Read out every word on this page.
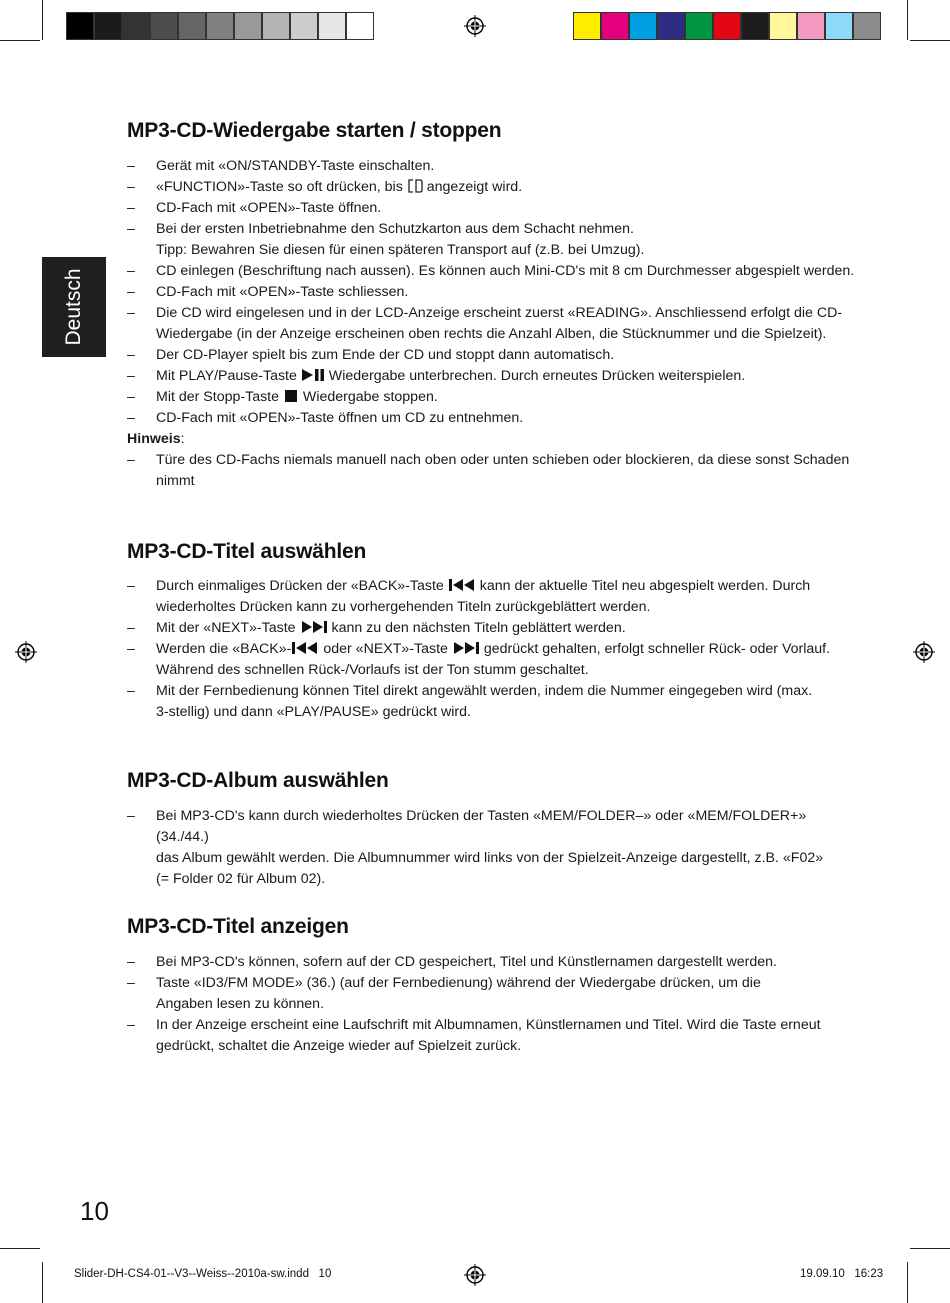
Deutsch
MP3-CD-Wiedergabe starten / stoppen
– Gerät mit «ON/STANDBY-Taste einschalten.
– «FUNCTION»-Taste so oft drücken, bis angezeigt wird.
– CD-Fach mit «OPEN»-Taste öffnen.
– Bei der ersten Inbetriebnahme den Schutzkarton aus dem Schacht nehmen.
Tipp: Bewahren Sie diesen für einen späteren Transport auf (z.B. bei Umzug).
– CD einlegen (Beschriftung nach aussen). Es können auch Mini-CD's mit 8 cm Durchmesser abgespielt werden.
– CD-Fach mit «OPEN»-Taste schliessen.
– Die CD wird eingelesen und in der LCD-Anzeige erscheint zuerst «READING». Anschliessend erfolgt die CD-
Wiedergabe (in der Anzeige erscheinen oben rechts die Anzahl Alben, die Stücknummer und die Spielzeit).
– Der CD-Player spielt bis zum Ende der CD und stoppt dann automatisch.
– Mit PLAY/Pause-Taste Wiedergabe unterbrechen. Durch erneutes Drücken weiterspielen.
– Mit der Stopp-Taste Wiedergabe stoppen.
– CD-Fach mit «OPEN»-Taste öffnen um CD zu entnehmen.
Hinweis:
– Türe des CD-Fachs niemals manuell nach oben oder unten schieben oder blockieren, da diese sonst Schaden
nimmt
MP3-CD-Titel auswählen
– Durch einmaliges Drücken der «BACK»-Taste	kann der aktuelle Titel neu abgespielt werden. Durch
wiederholtes Drücken kann zu vorhergehenden Titeln zurückgeblättert werden.
– Mit der «NEXT»-Taste	kann zu den nächsten Titeln geblättert werden.
– Werden die «BACK»- oder «NEXT»-Taste	gedrückt gehalten, erfolgt schneller Rück- oder Vorlauf.
Während des schnellen Rück-/Vorlaufs ist der Ton stumm geschaltet.
– Mit der Fernbedienung können Titel direkt angewählt werden, indem die Nummer eingegeben wird (max.
3-stellig) und dann «PLAY/PAUSE» gedrückt wird.
MP3-CD-Album auswählen
– Bei MP3-CD's kann durch wiederholtes Drücken der Tasten «MEM/FOLDER–» oder «MEM/FOLDER+» (34./44.)
das Album gewählt werden. Die Albumnummer wird links von der Spielzeit-Anzeige dargestellt, z.B. «F02»
(= Folder 02 für Album 02).
MP3-CD-Titel anzeigen
– Bei MP3-CD's können, sofern auf der CD gespeichert, Titel und Künstlernamen dargestellt werden.
– Taste «ID3/FM MODE» (36.) (auf der Fernbedienung) während der Wiedergabe drücken, um die
Angaben lesen zu können.
– In der Anzeige erscheint eine Laufschrift mit Albumnamen, Künstlernamen und Titel. Wird die Taste erneut
gedrückt, schaltet die Anzeige wieder auf Spielzeit zurück.
10
Slider-DH-CS4-01--V3--Weiss--2010a-sw.indd   10	19.09.10   16:23
